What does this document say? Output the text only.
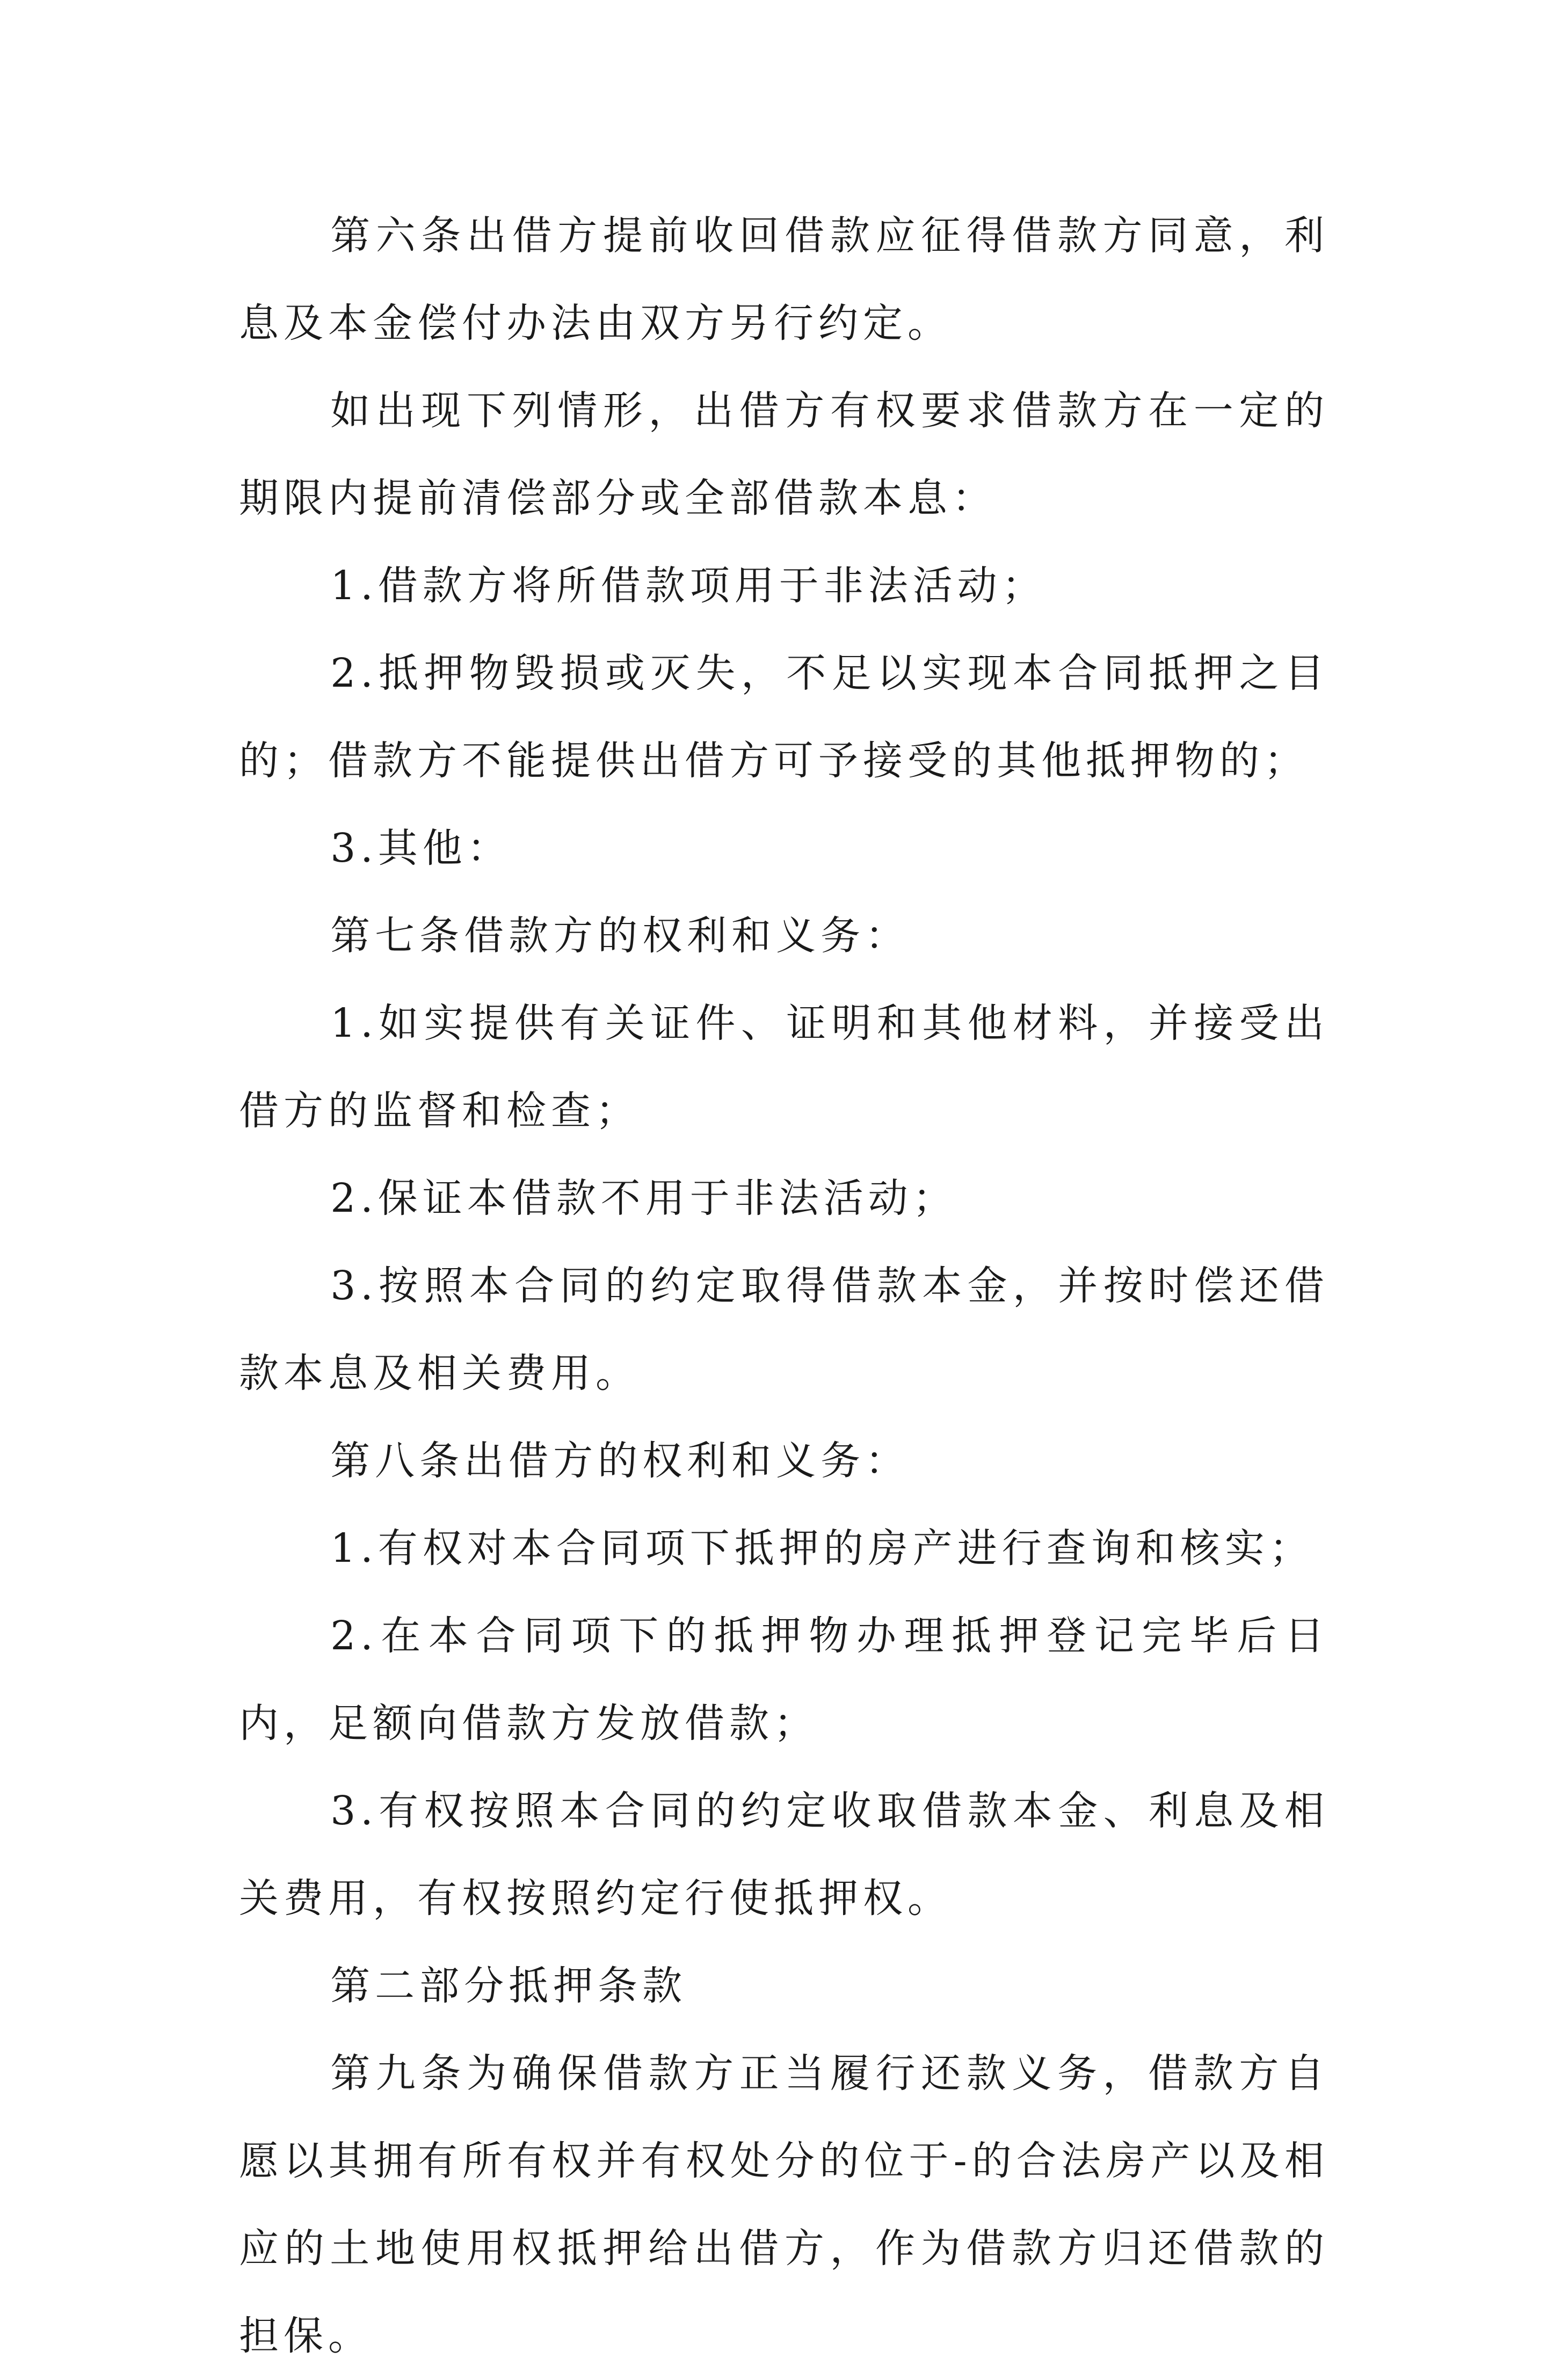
第六条出借方提前收回借款应征得借款方同意，利息及本金偿付办法由双方另行约定。

如出现下列情形，出借方有权要求借款方在一定的期限内提前清偿部分或全部借款本息：

1.借款方将所借款项用于非法活动；

2.抵押物毁损或灭失，不足以实现本合同抵押之目的；借款方不能提供出借方可予接受的其他抵押物的；

3.其他：

第七条借款方的权利和义务：

1.如实提供有关证件、证明和其他材料，并接受出借方的监督和检查；

2.保证本借款不用于非法活动；

3.按照本合同的约定取得借款本金，并按时偿还借款本息及相关费用。

第八条出借方的权利和义务：

1.有权对本合同项下抵押的房产进行查询和核实；

2.在本合同项下的抵押物办理抵押登记完毕后日内，足额向借款方发放借款；

3.有权按照本合同的约定收取借款本金、利息及相关费用，有权按照约定行使抵押权。

第二部分抵押条款

第九条为确保借款方正当履行还款义务，借款方自愿以其拥有所有权并有权处分的位于-的合法房产以及相应的土地使用权抵押给出借方，作为借款方归还借款的担保。
